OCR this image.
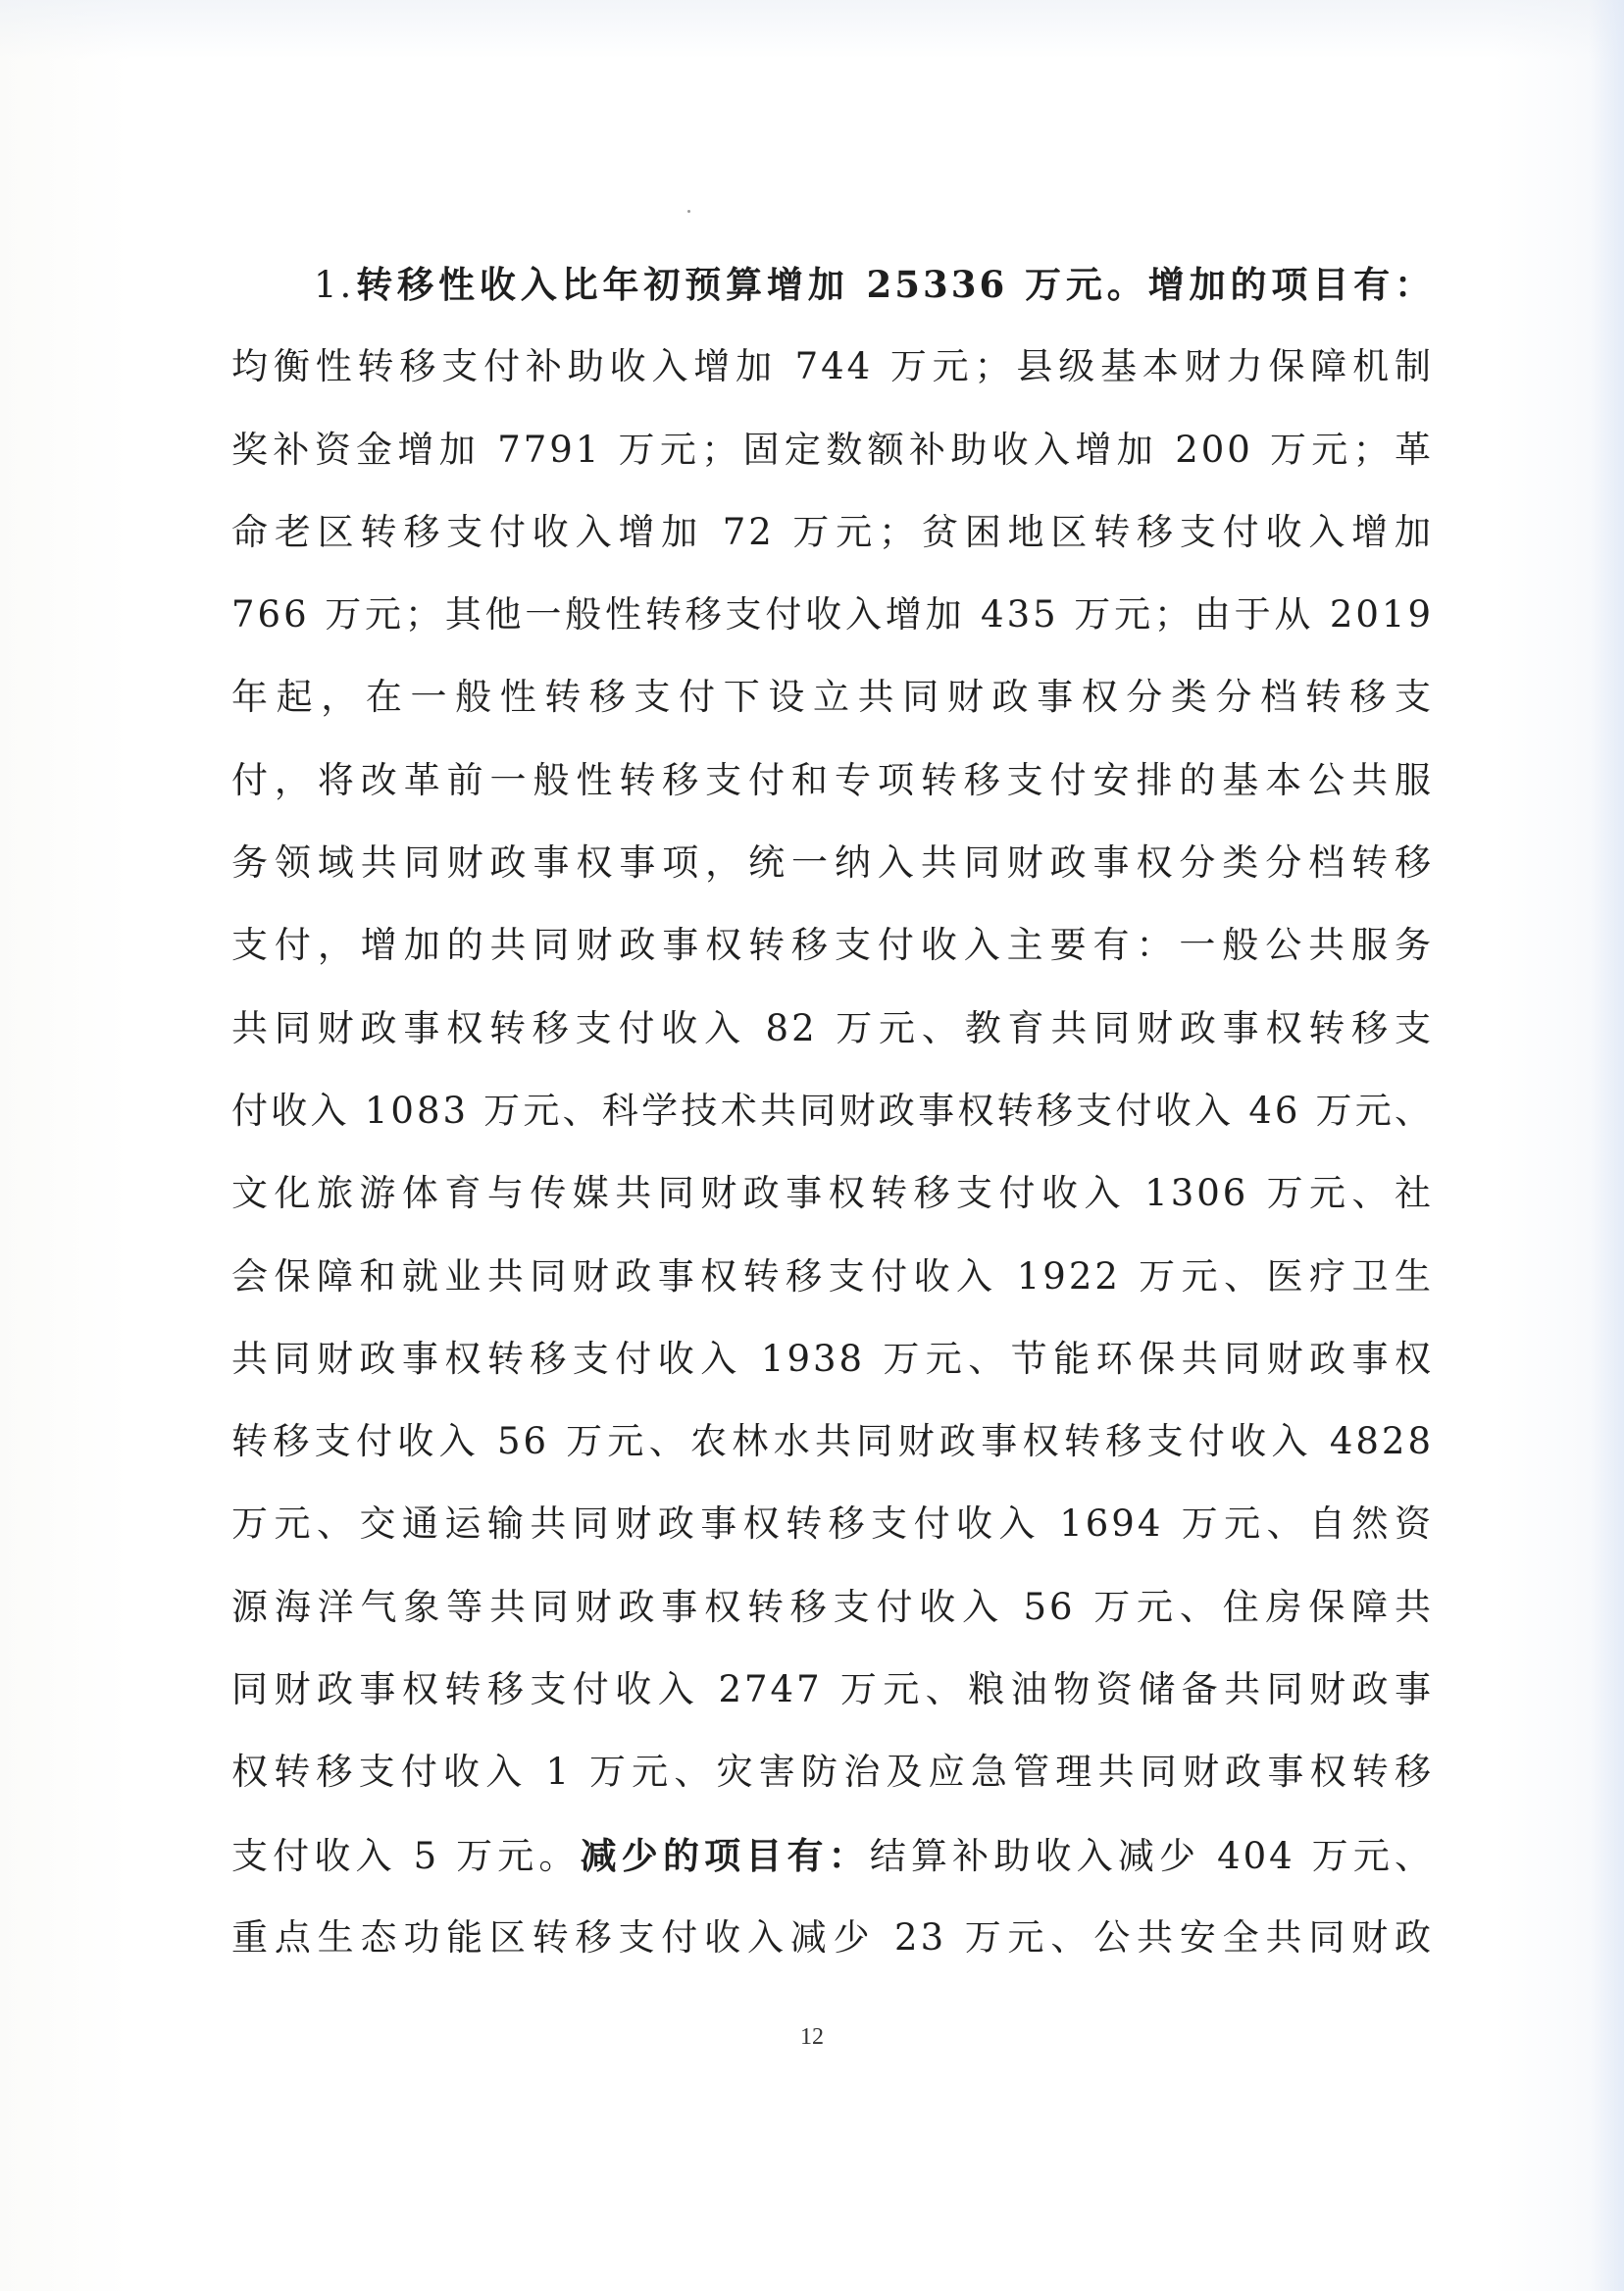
1.转移性收入比年初预算增加 25336 万元。增加的项目有：
均衡性转移支付补助收入增加 744 万元；县级基本财力保障机制
奖补资金增加 7791 万元；固定数额补助收入增加 200 万元；革
命老区转移支付收入增加 72 万元；贫困地区转移支付收入增加
766 万元；其他一般性转移支付收入增加 435 万元；由于从 2019
年起，在一般性转移支付下设立共同财政事权分类分档转移支
付，将改革前一般性转移支付和专项转移支付安排的基本公共服
务领域共同财政事权事项，统一纳入共同财政事权分类分档转移
支付，增加的共同财政事权转移支付收入主要有：一般公共服务
共同财政事权转移支付收入 82 万元、教育共同财政事权转移支
付收入 1083 万元、科学技术共同财政事权转移支付收入 46 万元、
文化旅游体育与传媒共同财政事权转移支付收入 1306 万元、社
会保障和就业共同财政事权转移支付收入 1922 万元、医疗卫生
共同财政事权转移支付收入 1938 万元、节能环保共同财政事权
转移支付收入 56 万元、农林水共同财政事权转移支付收入 4828
万元、交通运输共同财政事权转移支付收入 1694 万元、自然资
源海洋气象等共同财政事权转移支付收入 56 万元、住房保障共
同财政事权转移支付收入 2747 万元、粮油物资储备共同财政事
权转移支付收入 1 万元、灾害防治及应急管理共同财政事权转移
支付收入 5 万元。减少的项目有：结算补助收入减少 404 万元、
重点生态功能区转移支付收入减少 23 万元、公共安全共同财政
12
